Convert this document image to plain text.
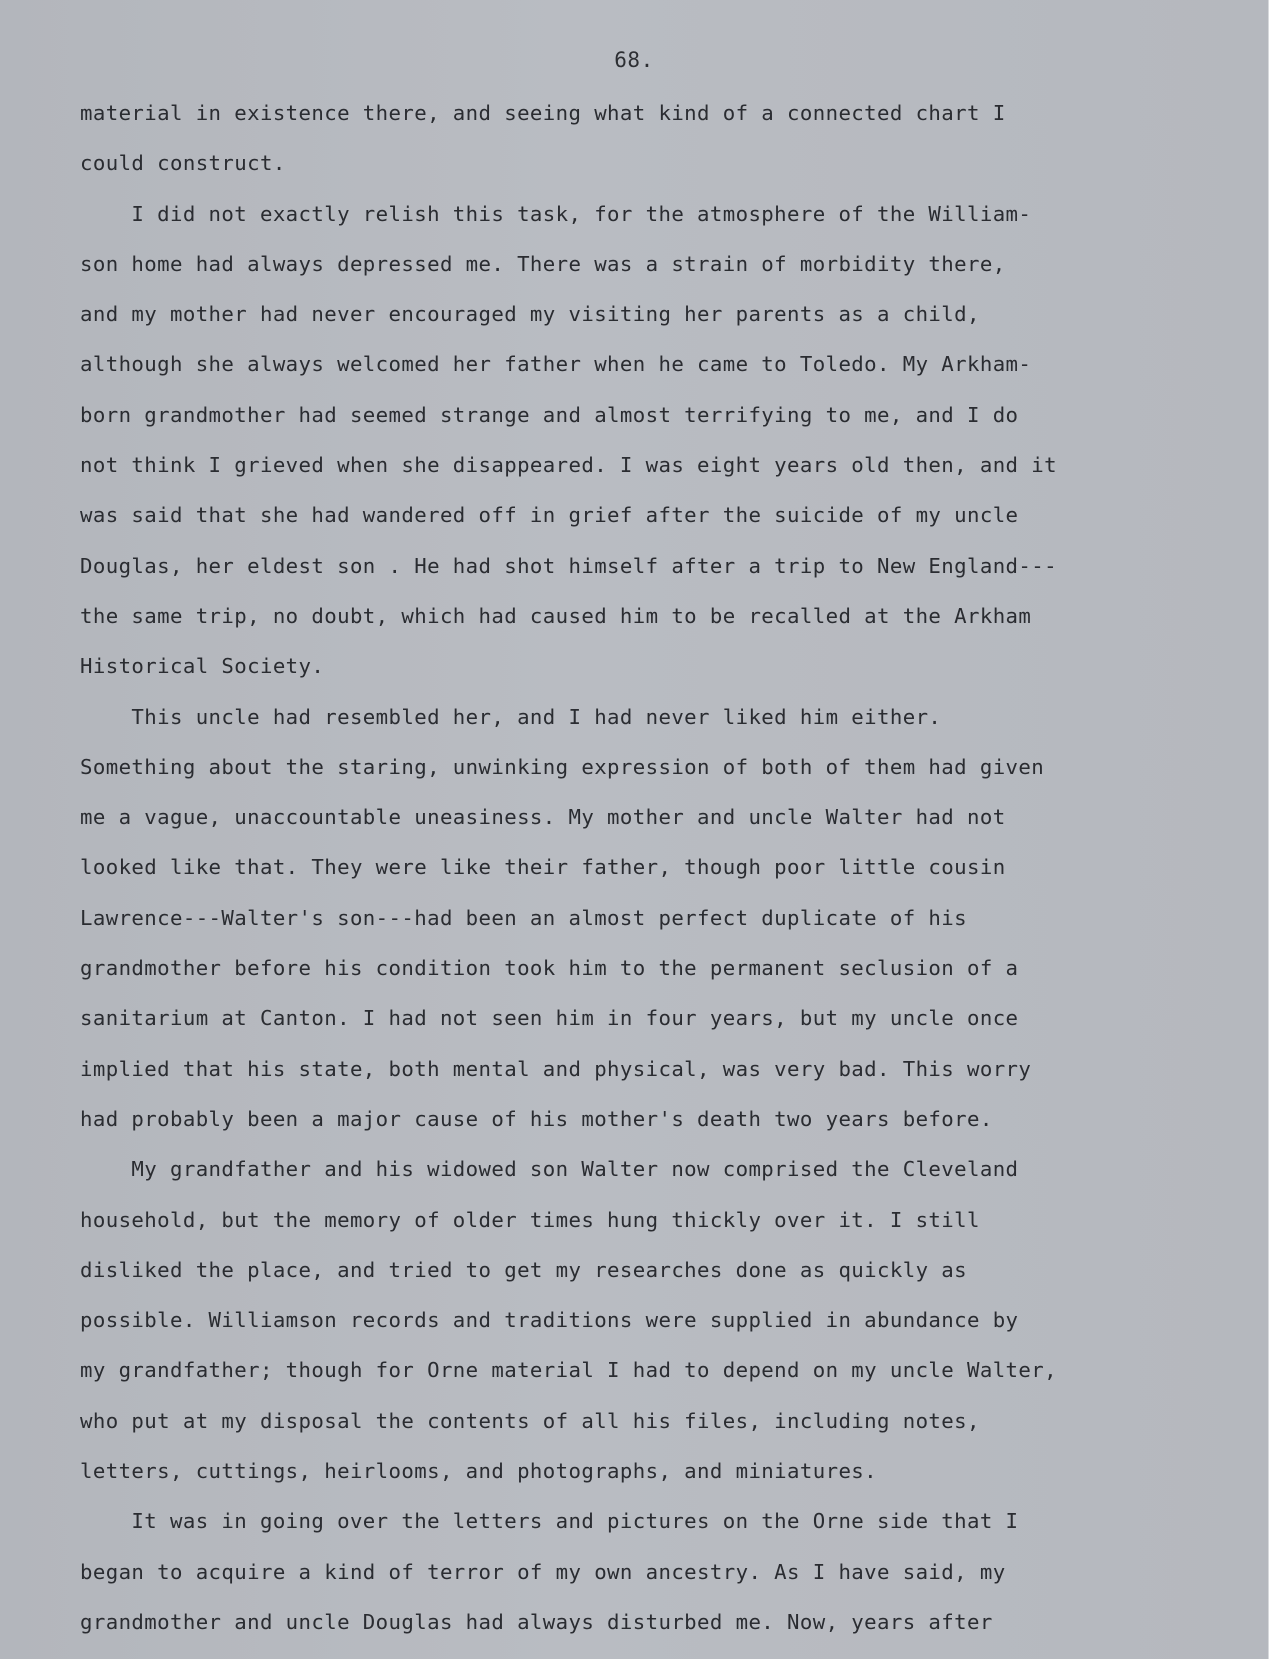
68.
material in existence there, and seeing what kind of a connected chart I
could construct.
I did not exactly relish this task, for the atmosphere of the William-
son home had always depressed me. There was a strain of morbidity there,
and my mother had never encouraged my visiting her parents as a child,
although she always welcomed her father when he came to Toledo. My Arkham-
born grandmother had seemed strange and almost terrifying to me, and I do
not think I grieved when she disappeared. I was eight years old then, and it
was said that she had wandered off in grief after the suicide of my uncle
Douglas, her eldest son . He had shot himself after a trip to New England---
the same trip, no doubt, which had caused him to be recalled at the Arkham
Historical Society.
This uncle had resembled her, and I had never liked him either.
Something about the staring, unwinking expression of both of them had given
me a vague, unaccountable uneasiness. My mother and uncle Walter had not
looked like that. They were like their father, though poor little cousin
Lawrence---Walter's son---had been an almost perfect duplicate of his
grandmother before his condition took him to the permanent seclusion of a
sanitarium at Canton. I had not seen him in four years, but my uncle once
implied that his state, both mental and physical, was very bad. This worry
had probably been a major cause of his mother's death two years before.
My grandfather and his widowed son Walter now comprised the Cleveland
household, but the memory of older times hung thickly over it. I still
disliked the place, and tried to get my researches done as quickly as
possible. Williamson records and traditions were supplied in abundance by
my grandfather; though for Orne material I had to depend on my uncle Walter,
who put at my disposal the contents of all his files, including notes,
letters, cuttings, heirlooms, and photographs, and miniatures.
It was in going over the letters and pictures on the Orne side that I
began to acquire a kind of terror of my own ancestry. As I have said, my
grandmother and uncle Douglas had always disturbed me. Now, years after
